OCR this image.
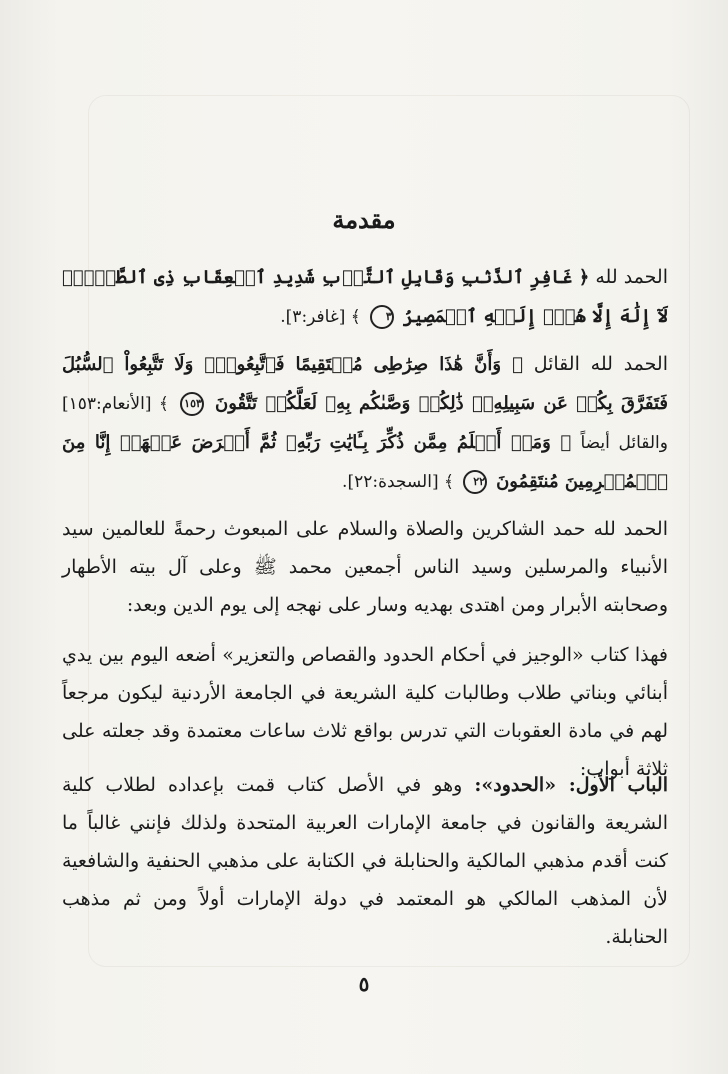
مقدمة

الحمد لله ﴿ غَافِرِ ٱلذَّنۢبِ وَقَابِلِ ٱلتَّوۡبِ شَدِيدِ ٱلۡعِقَابِ ذِى ٱلطَّوۡلِۖ لَآ إِلَٰهَ إِلَّا هُوَۖ إِلَيۡهِ ٱلۡمَصِيرُ ٣ ﴾ [غافر:٣].

الحمد لله القائل ﴿ وَأَنَّ هَٰذَا صِرَٰطِى مُسۡتَقِيمًا فَٱتَّبِعُوهُۖ وَلَا تَتَّبِعُواْ ٱلسُّبُلَ فَتَفَرَّقَ بِكُمۡ عَن سَبِيلِهِۦۚ ذَٰلِكُمۡ وَصَّىٰكُم بِهِۦ لَعَلَّكُمۡ تَتَّقُونَ ١٥٣ ﴾ [الأنعام:١٥٣] والقائل أيضاً ﴿ وَمَنۡ أَظۡلَمُ مِمَّن ذُكِّرَ بِـَٔايَٰتِ رَبِّهِۦ ثُمَّ أَعۡرَضَ عَنۡهَآۚ إِنَّا مِنَ ٱلۡمُجۡرِمِينَ مُنتَقِمُونَ ٢٢ ﴾ [السجدة:٢٢].

الحمد لله حمد الشاكرين والصلاة والسلام على المبعوث رحمةً للعالمين سيد الأنبياء والمرسلين وسيد الناس أجمعين محمد ﷺ وعلى آل بيته الأطهار وصحابته الأبرار ومن اهتدى بهديه وسار على نهجه إلى يوم الدين وبعد:

فهذا كتاب «الوجيز في أحكام الحدود والقصاص والتعزير» أضعه اليوم بين يدي أبنائي وبناتي طلاب وطالبات كلية الشريعة في الجامعة الأردنية ليكون مرجعاً لهم في مادة العقوبات التي تدرس بواقع ثلاث ساعات معتمدة وقد جعلته على ثلاثة أبواب:

الباب الأول: «الحدود»: وهو في الأصل كتاب قمت بإعداده لطلاب كلية الشريعة والقانون في جامعة الإمارات العربية المتحدة ولذلك فإنني غالباً ما كنت أقدم مذهبي المالكية والحنابلة في الكتابة على مذهبي الحنفية والشافعية لأن المذهب المالكي هو المعتمد في دولة الإمارات أولاً ومن ثم مذهب الحنابلة.

٥
